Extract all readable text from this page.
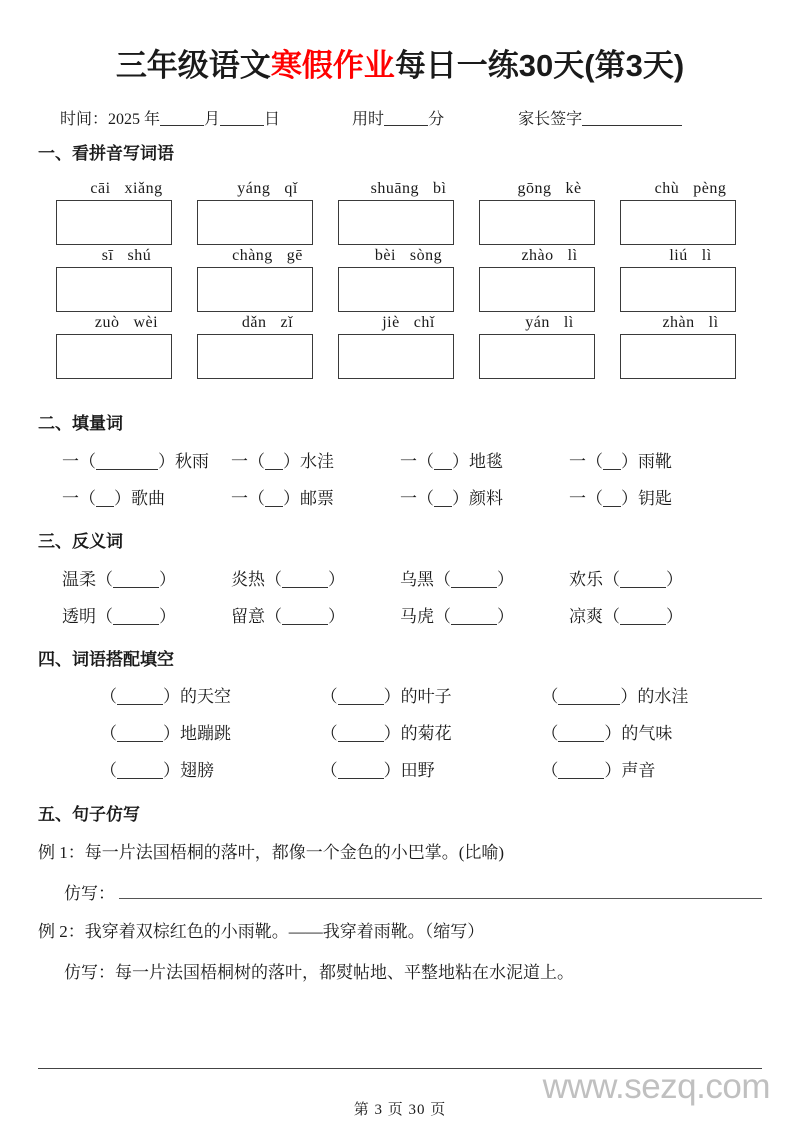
三年级语文寒假作业每日一练30天(第3天)
时间：2025 年	月	日	用时	分	家长签字
一、看拼音写词语
cāi xiǎng	yáng qǐ	shuāng bì	gōng kè	chù pèng
sī shú	chàng gē	bèi sòng	zhào lì	liú lì
zuò wèi	dǎn zǐ	jiè chǐ	yán lì	zhàn lì
二、填量词
一（	）秋雨	一（ ）水洼	一（ ）地毯	一（ ）雨靴
一（ ）歌曲	一（ ）邮票	一（ ）颜料	一（ ）钥匙
三、反义词
温柔（	）	炎热（	）	乌黑（	）	欢乐（	）
透明（	）	留意（	）	马虎（	）	凉爽（	）
四、词语搭配填空
（	）的天空	（	）的叶子	（	）的水洼
（	）地蹦跳	（	）的菊花	（	）的气味
（	）翅膀	（	）田野	（	）声音
五、句子仿写
例 1：每一片法国梧桐的落叶，都像一个金色的小巴掌。(比喻)
仿写：
例 2：我穿着双棕红色的小雨靴。——我穿着雨靴。（缩写）
仿写： 每一片法国梧桐树的落叶，都熨帖地、平整地粘在水泥道上。
www.sezq.com
第 3 页 30 页
